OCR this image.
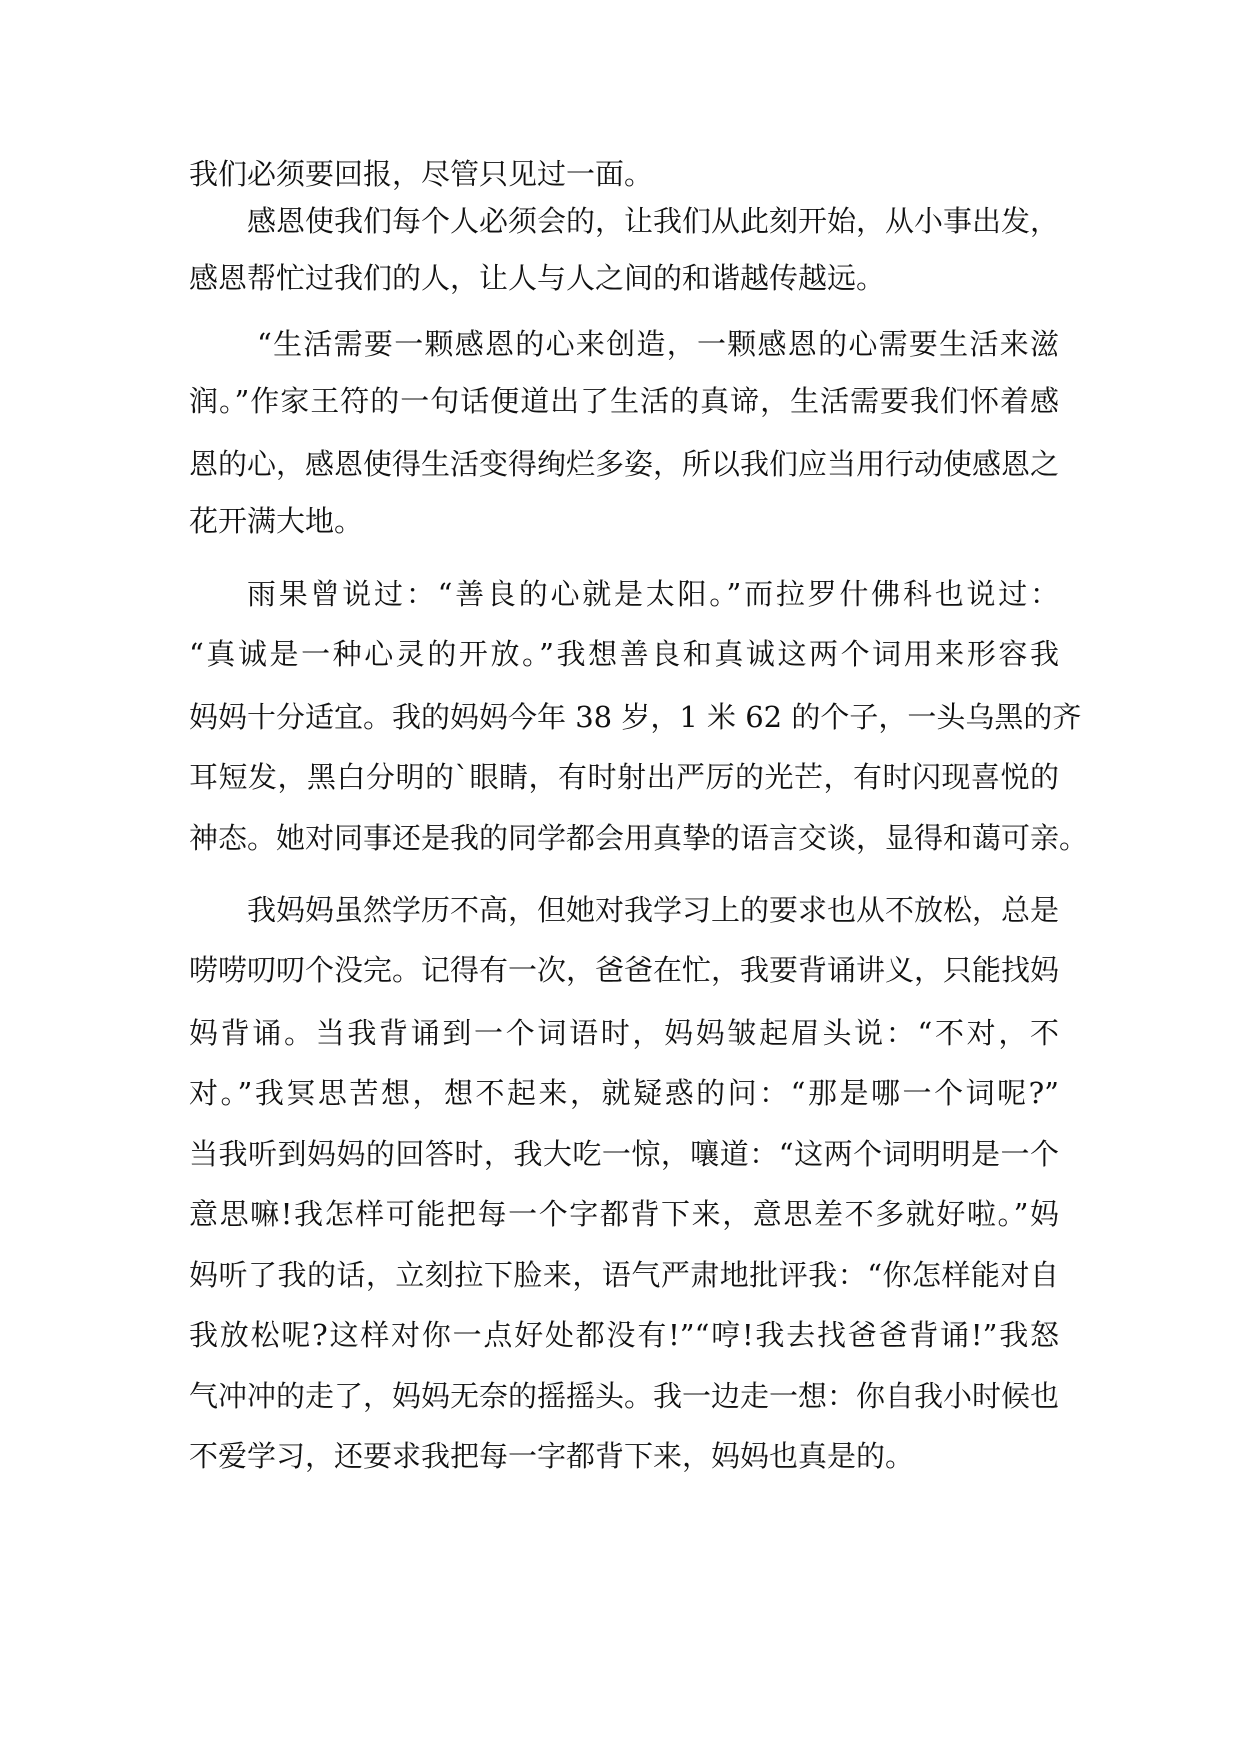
我们必须要回报，尽管只见过一面。
感恩使我们每个人必须会的，让我们从此刻开始，从小事出发，
感恩帮忙过我们的人，让人与人之间的和谐越传越远。
“生活需要一颗感恩的心来创造，一颗感恩的心需要生活来滋
润。”作家王符的一句话便道出了生活的真谛，生活需要我们怀着感
恩的心，感恩使得生活变得绚烂多姿，所以我们应当用行动使感恩之
花开满大地。
雨果曾说过：“善良的心就是太阳。”而拉罗什佛科也说过：
“真诚是一种心灵的开放。”我想善良和真诚这两个词用来形容我
妈妈十分适宜。我的妈妈今年 38 岁，1 米 62 的个子，一头乌黑的齐
耳短发，黑白分明的`眼睛，有时射出严厉的光芒，有时闪现喜悦的
神态。她对同事还是我的同学都会用真挚的语言交谈，显得和蔼可亲。
我妈妈虽然学历不高，但她对我学习上的要求也从不放松，总是
唠唠叨叨个没完。记得有一次，爸爸在忙，我要背诵讲义，只能找妈
妈背诵。当我背诵到一个词语时，妈妈皱起眉头说：“不对，不
对。”我冥思苦想，想不起来，就疑惑的问：“那是哪一个词呢?”
当我听到妈妈的回答时，我大吃一惊，嚷道：“这两个词明明是一个
意思嘛!我怎样可能把每一个字都背下来，意思差不多就好啦。”妈
妈听了我的话，立刻拉下脸来，语气严肃地批评我：“你怎样能对自
我放松呢?这样对你一点好处都没有!”“哼!我去找爸爸背诵!”我怒
气冲冲的走了，妈妈无奈的摇摇头。我一边走一想：你自我小时候也
不爱学习，还要求我把每一字都背下来，妈妈也真是的。
